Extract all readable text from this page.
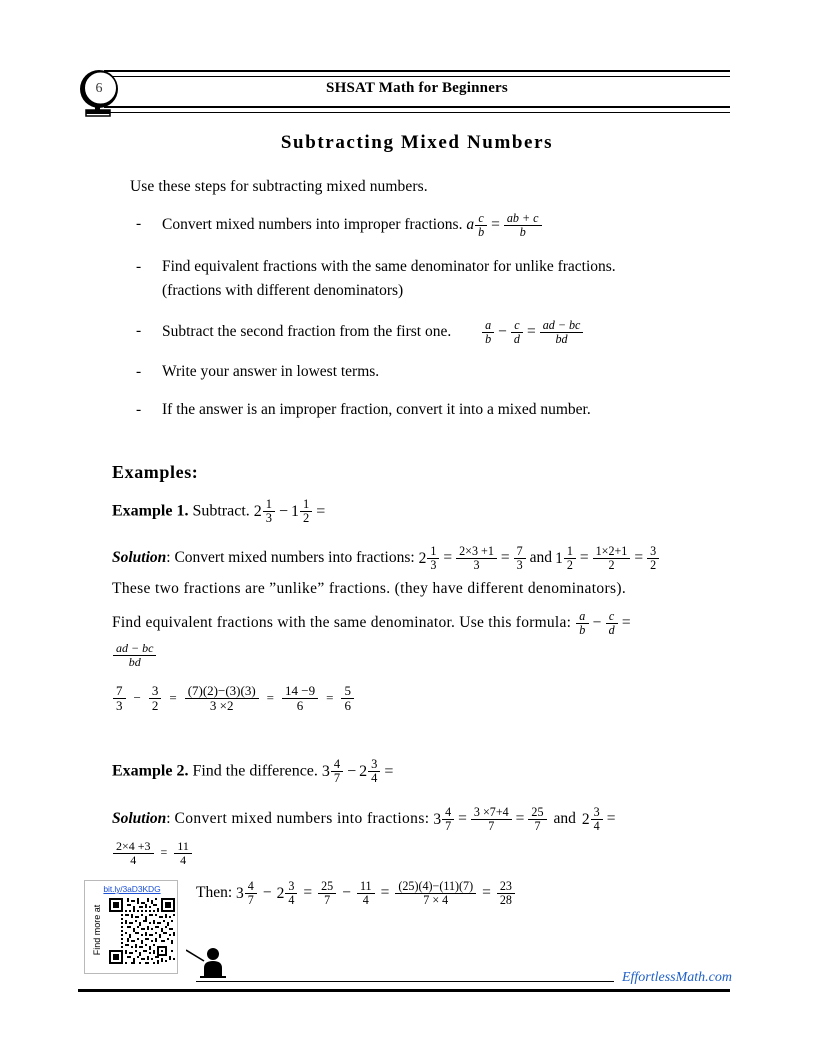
SHSAT Math for Beginners
6
Subtracting Mixed Numbers
Use these steps for subtracting mixed numbers.
- Convert mixed numbers into improper fractions. a $\frac{c}{b} = \frac{ab + c}{b}$
- Find equivalent fractions with the same denominator for unlike fractions.
(fractions with different denominators)
- Subtract the second fraction from the first one.	$\frac{a}{b} - \frac{c}{d} = \frac{ad - bc}{bd}$
- Write your answer in lowest terms.
- If the answer is an improper fraction, convert it into a mixed number.
Examples:
Example 1. Subtract. $2 \frac{1}{3} - 1 \frac{1}{2}$ =
Solution: Convert mixed numbers into fractions: $2 \frac{1}{3} = \frac{2\times 3 +1}{3} = \frac{7}{3}$ and $1 \frac{1}{2} = \frac{1\times 2+1}{2} = \frac{3}{2}$
These two fractions are ”unlike” fractions. (they have different denominators).
Find equivalent fractions with the same denominator. Use this formula: $\frac{a}{b} - \frac{c}{d}$ =
$\frac{ad - bc}{bd}$
$\frac{7}{3} - \frac{3}{2} = \frac{(7)(2)-(3)(3)}{3 \times 2} = \frac{14 -9}{6} = \frac{5}{6}$
Example 2. Find the difference. $3 \frac{4}{7} - 2 \frac{3}{4}$ =
Solution: Convert mixed numbers into fractions: $3 \frac{4}{7} = \frac{3 \times 7+4}{7} = \frac{25}{7}$ and $2 \frac{3}{4}$ =
$\frac{2\times 4 +3}{4} = \frac{11}{4}$
Then: $3 \frac{4}{7} - 2 \frac{3}{4} = \frac{25}{7} - \frac{11}{4} = \frac{(25)(4)-(11)(7)}{7 \times 4} = \frac{23}{28}$
bit.ly/3aD3KDG
Find more at
EffortlessMath.com
